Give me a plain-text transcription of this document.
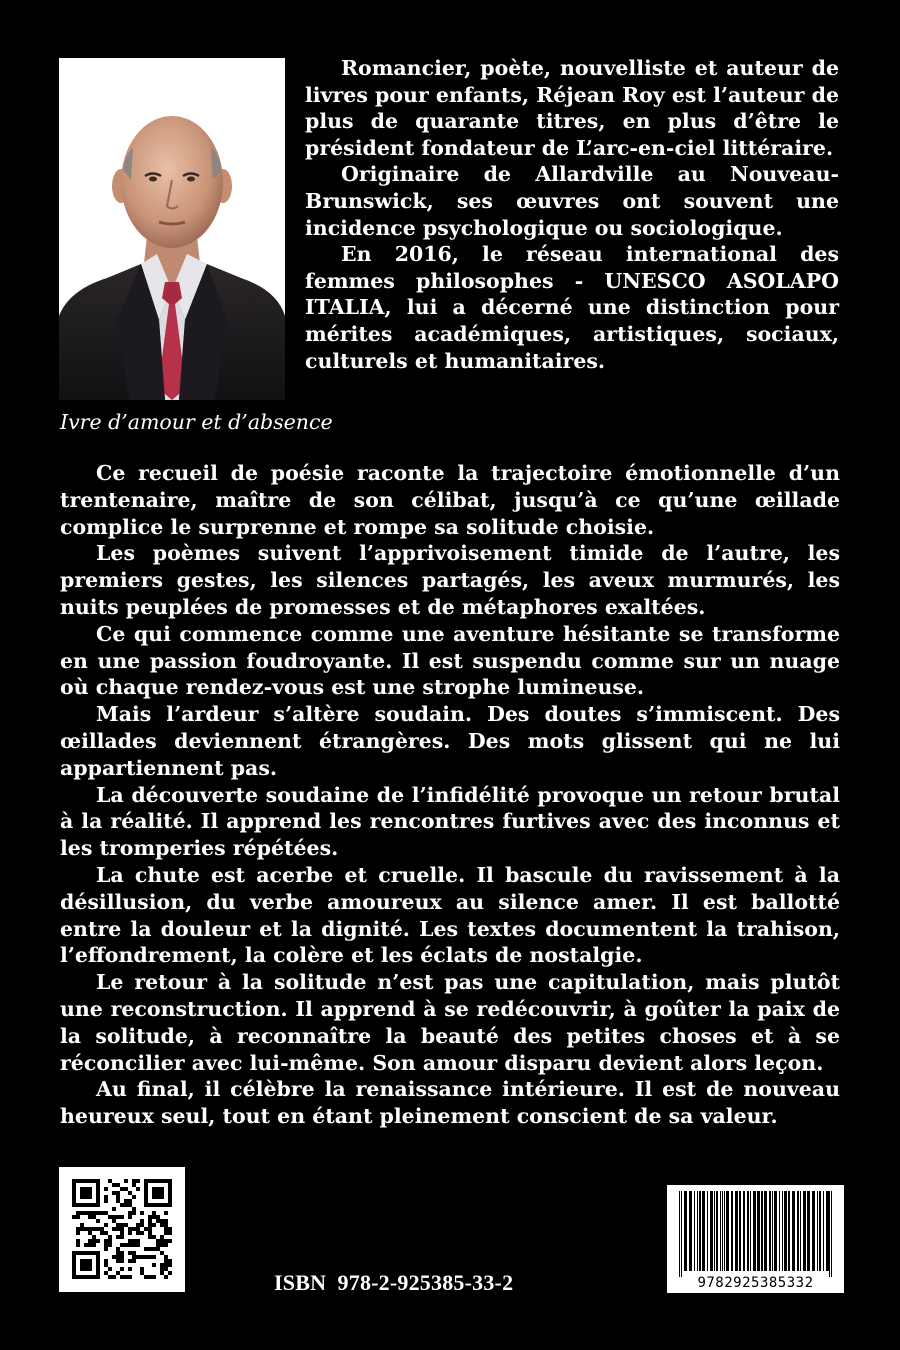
Romancier, poète, nouvelliste et auteur de livres pour enfants, Réjean Roy est l’auteur de plus de quarante titres, en plus d’être le président fondateur de L’arc-en-ciel littéraire.

Originaire de Allardville au Nouveau-Brunswick, ses œuvres ont souvent une incidence psychologique ou sociologique.

En 2016, le réseau international des femmes philosophes - UNESCO ASOLAPO ITALIA, lui a décerné une distinction pour mérites académiques, artistiques, sociaux, culturels et humanitaires.

Ivre d’amour et d’absence

Ce recueil de poésie raconte la trajectoire émotionnelle d’un trentenaire, maître de son célibat, jusqu’à ce qu’une œillade complice le surprenne et rompe sa solitude choisie.

Les poèmes suivent l’apprivoisement timide de l’autre, les premiers gestes, les silences partagés, les aveux murmurés, les nuits peuplées de promesses et de métaphores exaltées.

Ce qui commence comme une aventure hésitante se transforme en une passion foudroyante. Il est suspendu comme sur un nuage où chaque rendez-vous est une strophe lumineuse.

Mais l’ardeur s’altère soudain. Des doutes s’immiscent. Des œillades deviennent étrangères. Des mots glissent qui ne lui appartiennent pas.

La découverte soudaine de l’infidélité provoque un retour brutal à la réalité. Il apprend les rencontres furtives avec des inconnus et les tromperies répétées.

La chute est acerbe et cruelle. Il bascule du ravissement à la désillusion, du verbe amoureux au silence amer. Il est ballotté entre la douleur et la dignité. Les textes documentent la trahison, l’effondrement, la colère et les éclats de nostalgie.

Le retour à la solitude n’est pas une capitulation, mais plutôt une reconstruction. Il apprend à se redécouvrir, à goûter la paix de la solitude, à reconnaître la beauté des petites choses et à se réconcilier avec lui-même. Son amour disparu devient alors leçon.

Au final, il célèbre la renaissance intérieure. Il est de nouveau heureux seul, tout en étant pleinement conscient de sa valeur.

ISBN  978-2-925385-33-2	9782925385332
